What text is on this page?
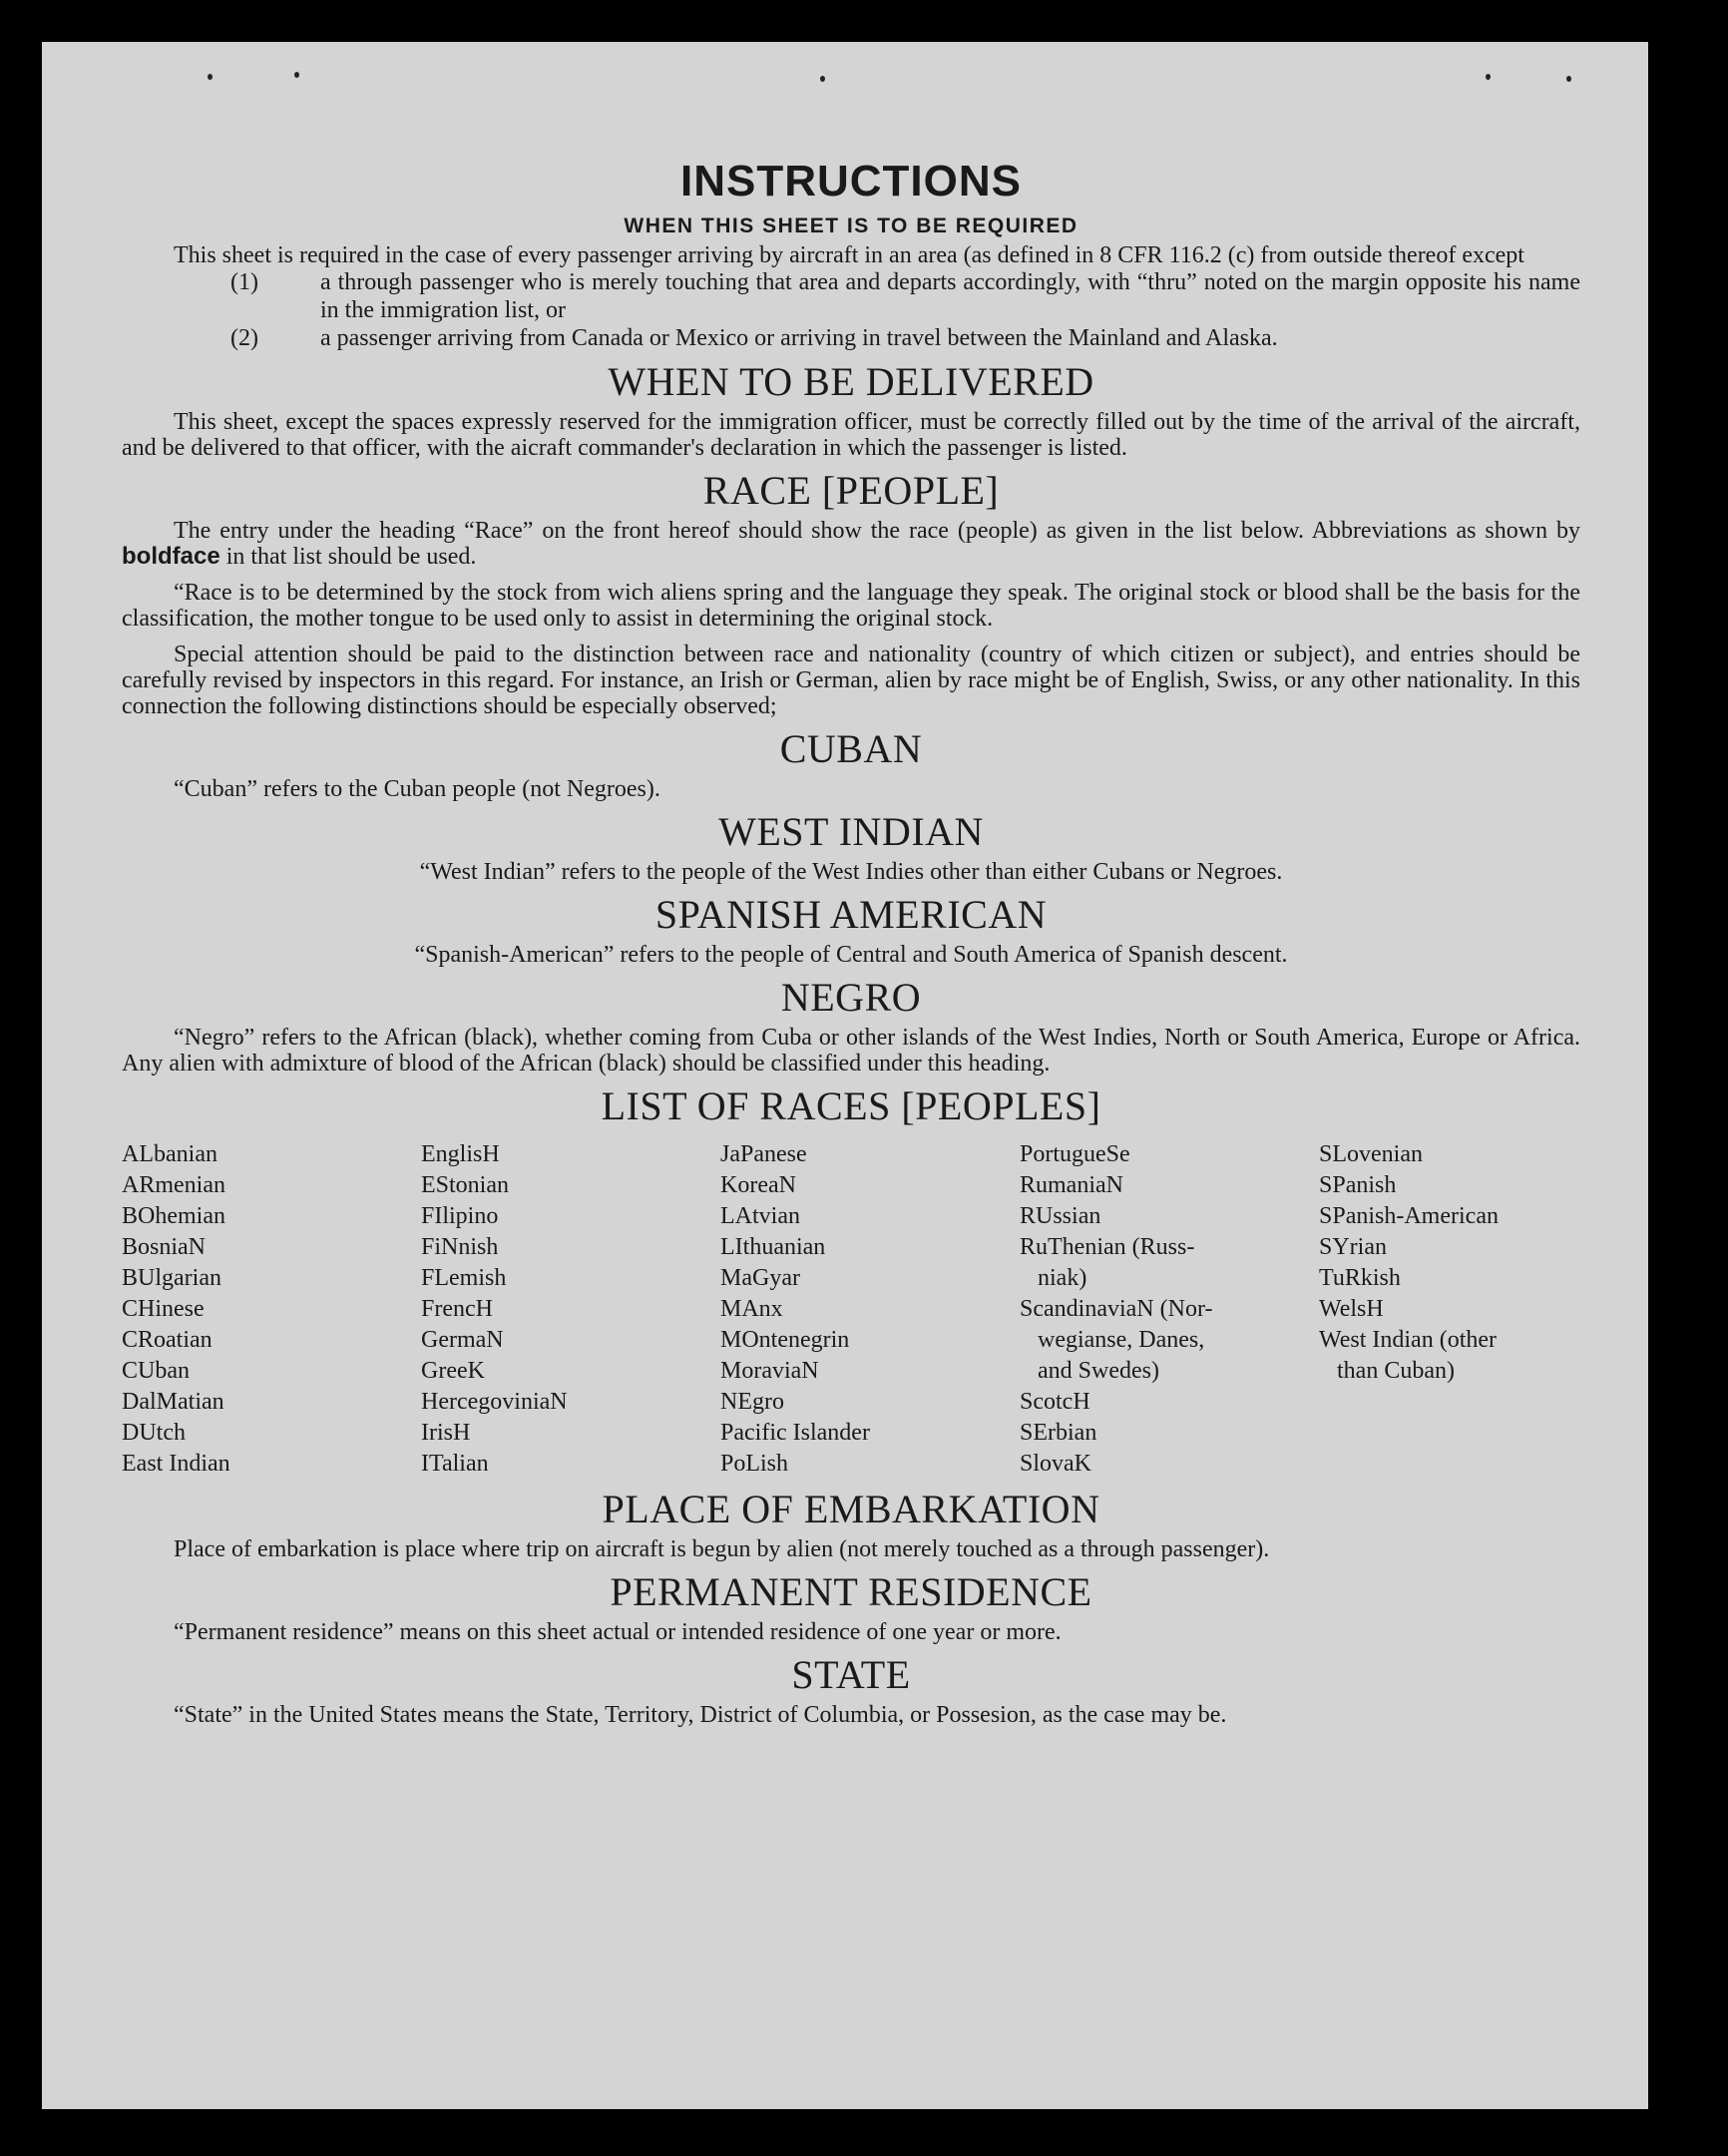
INSTRUCTIONS
WHEN THIS SHEET IS TO BE REQUIRED

This sheet is required in the case of every passenger arriving by aircraft in an area (as defined in 8 CFR 116.2 (c) from outside thereof except

(1)	a through passenger who is merely touching that area and departs accordingly, with “thru” noted on the margin opposite his name in the immigration list, or
(2)	a passenger arriving from Canada or Mexico or arriving in travel between the Mainland and Alaska.
WHEN TO BE DELIVERED

This sheet, except the spaces expressly reserved for the immigration officer, must be correctly filled out by the time of the arrival of the aircraft, and be delivered to that officer, with the aicraft commander's declaration in which the passenger is listed.

RACE [PEOPLE]

The entry under the heading “Race” on the front hereof should show the race (people) as given in the list below. Abbreviations as shown by boldface in that list should be used.

“Race is to be determined by the stock from wich aliens spring and the language they speak. The original stock or blood shall be the basis for the classification, the mother tongue to be used only to assist in determining the original stock.

Special attention should be paid to the distinction between race and nationality (country of which citizen or subject), and entries should be carefully revised by inspectors in this regard. For instance, an Irish or German, alien by race might be of English, Swiss, or any other nationality. In this connection the following distinctions should be especially observed;

CUBAN

“Cuban” refers to the Cuban people (not Negroes).

WEST INDIAN

“West Indian” refers to the people of the West Indies other than either Cubans or Negroes.

SPANISH AMERICAN

“Spanish-American” refers to the people of Central and South America of Spanish descent.

NEGRO

“Negro” refers to the African (black), whether coming from Cuba or other islands of the West Indies, North or South America, Europe or Africa. Any alien with admixture of blood of the African (black) should be classified under this heading.

LIST OF RACES [PEOPLES]
ALbanian
ARmenian
BOhemian
BosniaN
BUlgarian
CHinese
CRoatian
CUban
DalMatian
DUtch
East Indian
EnglisH
EStonian
FIlipino
FiNnish
FLemish
FrencH
GermaN
GreeK
HercegoviniaN
IrisH
ITalian
JaPanese
KoreaN
LAtvian
LIthuanian
MaGyar
MAnx
MOntenegrin
MoraviaN
NEgro
Pacific Islander
PoLish
PortugueSe
RumaniaN
RUssian
RuThenian (Russ-
niak)
ScandinaviaN (Nor-
wegianse, Danes,
and Swedes)
ScotcH
SErbian
SlovaK
SLovenian
SPanish
SPanish-American
SYrian
TuRkish
WelsH
West Indian (other
than Cuban)
PLACE OF EMBARKATION

Place of embarkation is place where trip on aircraft is begun by alien (not merely touched as a through passenger).

PERMANENT RESIDENCE

“Permanent residence” means on this sheet actual or intended residence of one year or more.

STATE

“State” in the United States means the State, Territory, District of Columbia, or Possesion, as the case may be.
